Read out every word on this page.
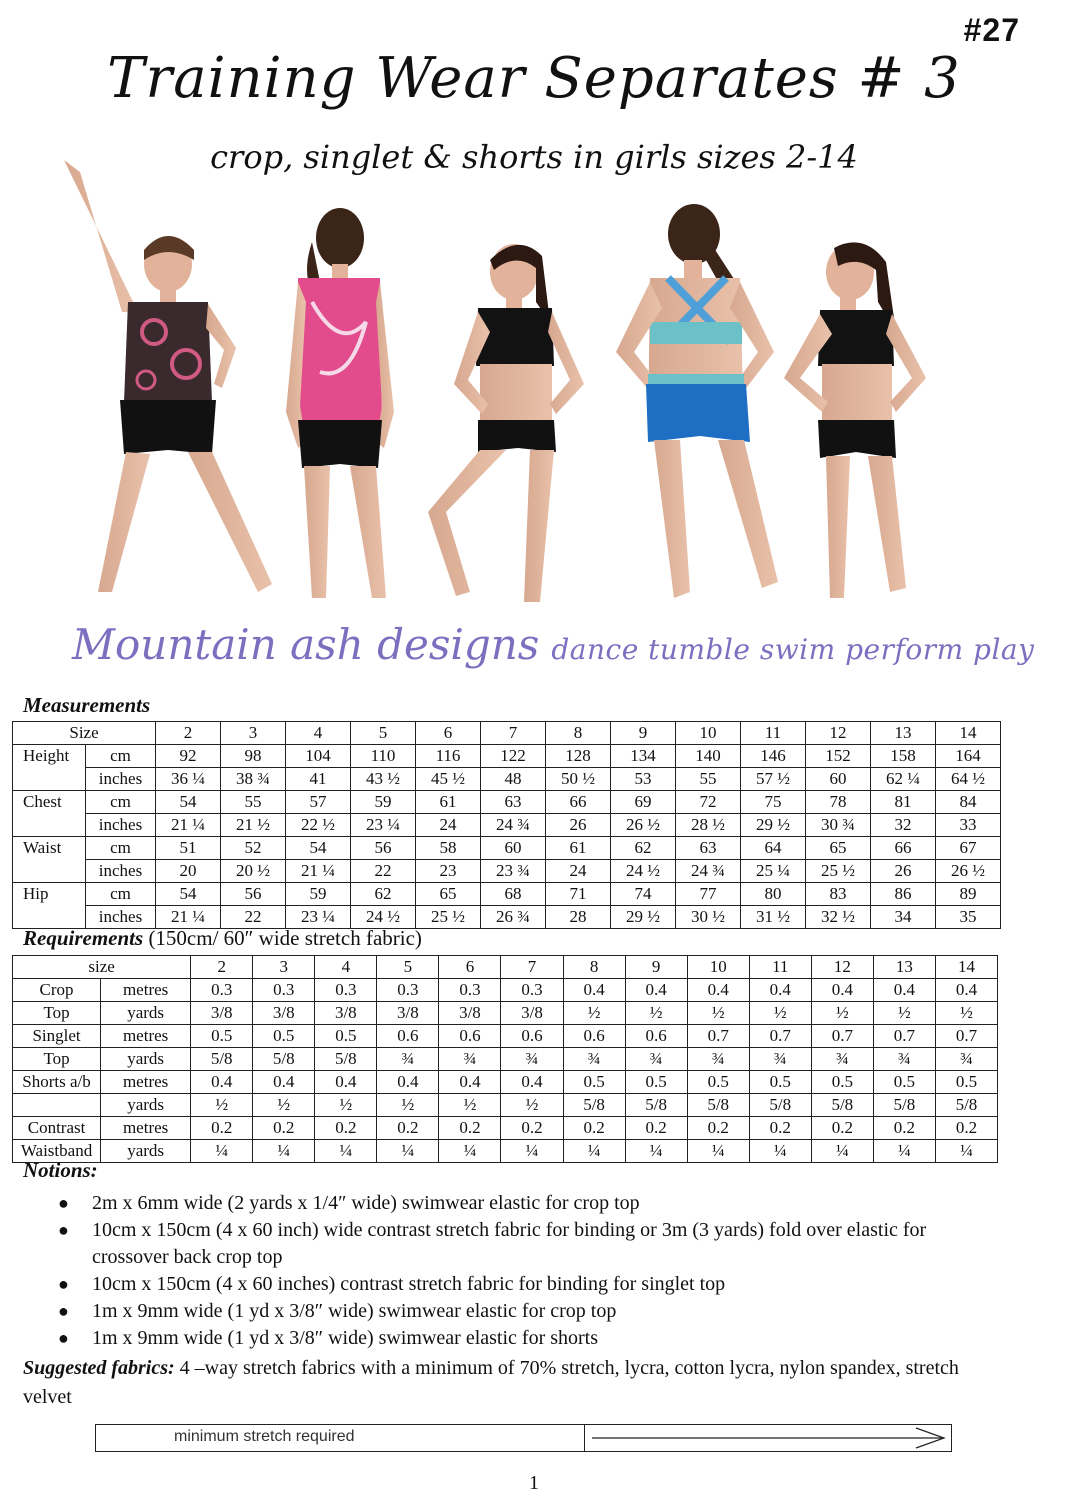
#27
Training Wear Separates # 3
crop, singlet & shorts in girls sizes 2-14
Mountain ash designs dance tumble swim perform play
Measurements
Size		2	3	4	5	6	7	8	9	10	11	12	13	14
Height	cm	92	98	104	110	116	122	128	134	140	146	152	158	164
	inches	36 ¼	38 ¾	41	43 ½	45 ½	48	50 ½	53	55	57 ½	60	62 ¼	64 ½
Chest	cm	54	55	57	59	61	63	66	69	72	75	78	81	84
	inches	21 ¼	21 ½	22 ½	23 ¼	24	24 ¾	26	26 ½	28 ½	29 ½	30 ¾	32	33
Waist	cm	51	52	54	56	58	60	61	62	63	64	65	66	67
	inches	20	20 ½	21 ¼	22	23	23 ¾	24	24 ½	24 ¾	25 ¼	25 ½	26	26 ½
Hip	cm	54	56	59	62	65	68	71	74	77	80	83	86	89
	inches	21 ¼	22	23 ¼	24 ½	25 ½	26 ¾	28	29 ½	30 ½	31 ½	32 ½	34	35
Requirements (150cm/ 60″ wide stretch fabric)
size		2	3	4	5	6	7	8	9	10	11	12	13	14
Crop	metres	0.3	0.3	0.3	0.3	0.3	0.3	0.4	0.4	0.4	0.4	0.4	0.4	0.4
Top	yards	3/8	3/8	3/8	3/8	3/8	3/8	½	½	½	½	½	½	½
Singlet	metres	0.5	0.5	0.5	0.6	0.6	0.6	0.6	0.6	0.7	0.7	0.7	0.7	0.7
Top	yards	5/8	5/8	5/8	¾	¾	¾	¾	¾	¾	¾	¾	¾	¾
Shorts a/b	metres	0.4	0.4	0.4	0.4	0.4	0.4	0.5	0.5	0.5	0.5	0.5	0.5	0.5
	yards	½	½	½	½	½	½	5/8	5/8	5/8	5/8	5/8	5/8	5/8
Contrast	metres	0.2	0.2	0.2	0.2	0.2	0.2	0.2	0.2	0.2	0.2	0.2	0.2	0.2
Waistband	yards	¼	¼	¼	¼	¼	¼	¼	¼	¼	¼	¼	¼	¼
Notions:
● 2m x 6mm wide (2 yards x 1/4″ wide) swimwear elastic for crop top
● 10cm x 150cm (4 x 60 inch) wide contrast stretch fabric for binding or 3m (3 yards) fold over elastic for crossover back crop top
● 10cm x 150cm (4 x 60 inches) contrast stretch fabric for binding for singlet top
● 1m x 9mm wide (1 yd x 3/8″ wide) swimwear elastic for crop top
● 1m x 9mm wide (1 yd x 3/8″ wide) swimwear elastic for shorts
Suggested fabrics: 4 –way stretch fabrics with a minimum of 70% stretch, lycra, cotton lycra, nylon spandex, stretch velvet
minimum stretch required
1
